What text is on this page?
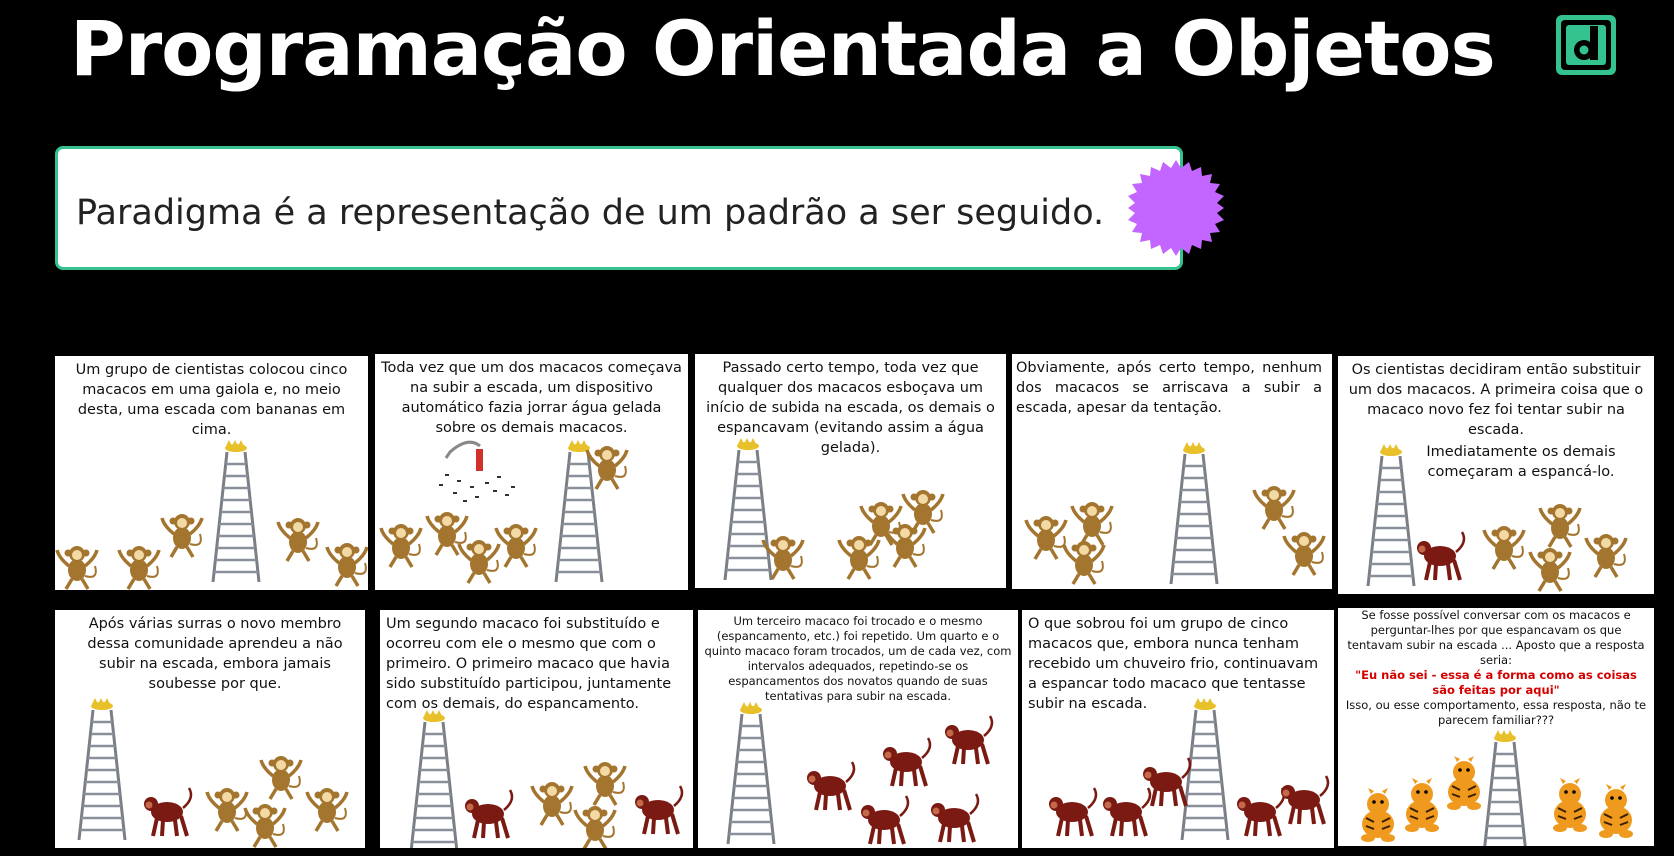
Programação Orientada a Objetos
Paradigma é a representação de um padrão a ser seguido.
Um grupo de cientistas colocou cinco macacos em uma gaiola e, no meio desta, uma escada com bananas em cima.
Toda vez que um dos macacos começava na subir a escada, um dispositivo automático fazia jorrar água gelada sobre os demais macacos.
Passado certo tempo, toda vez que qualquer dos macacos esboçava um início de subida na escada, os demais o espancavam (evitando assim a água gelada).
Obviamente, após certo tempo, nenhum dos macacos se arriscava a subir a escada, apesar da tentação.
Os cientistas decidiram então substituir um dos macacos. A primeira coisa que o macaco novo fez foi tentar subir na escada.
Imediatamente os demais começaram a espancá-lo.
Após várias surras o novo membro dessa comunidade aprendeu a não subir na escada, embora jamais soubesse por que.
Um segundo macaco foi substituído e ocorreu com ele o mesmo que com o primeiro. O primeiro macaco que havia sido substituído participou, juntamente com os demais, do espancamento.
Um terceiro macaco foi trocado e o mesmo (espancamento, etc.) foi repetido. Um quarto e o quinto macaco foram trocados, um de cada vez, com intervalos adequados, repetindo-se os espancamentos dos novatos quando de suas tentativas para subir na escada.
O que sobrou foi um grupo de cinco macacos que, embora nunca tenham recebido um chuveiro frio, continuavam a espancar todo macaco que tentasse subir na escada.
Se fosse possível conversar com os macacos e perguntar-lhes por que espancavam os que tentavam subir na escada ... Aposto que a resposta seria:
"Eu não sei - essa é a forma como as coisas são feitas por aqui"
Isso, ou esse comportamento, essa resposta, não te parecem familiar???
